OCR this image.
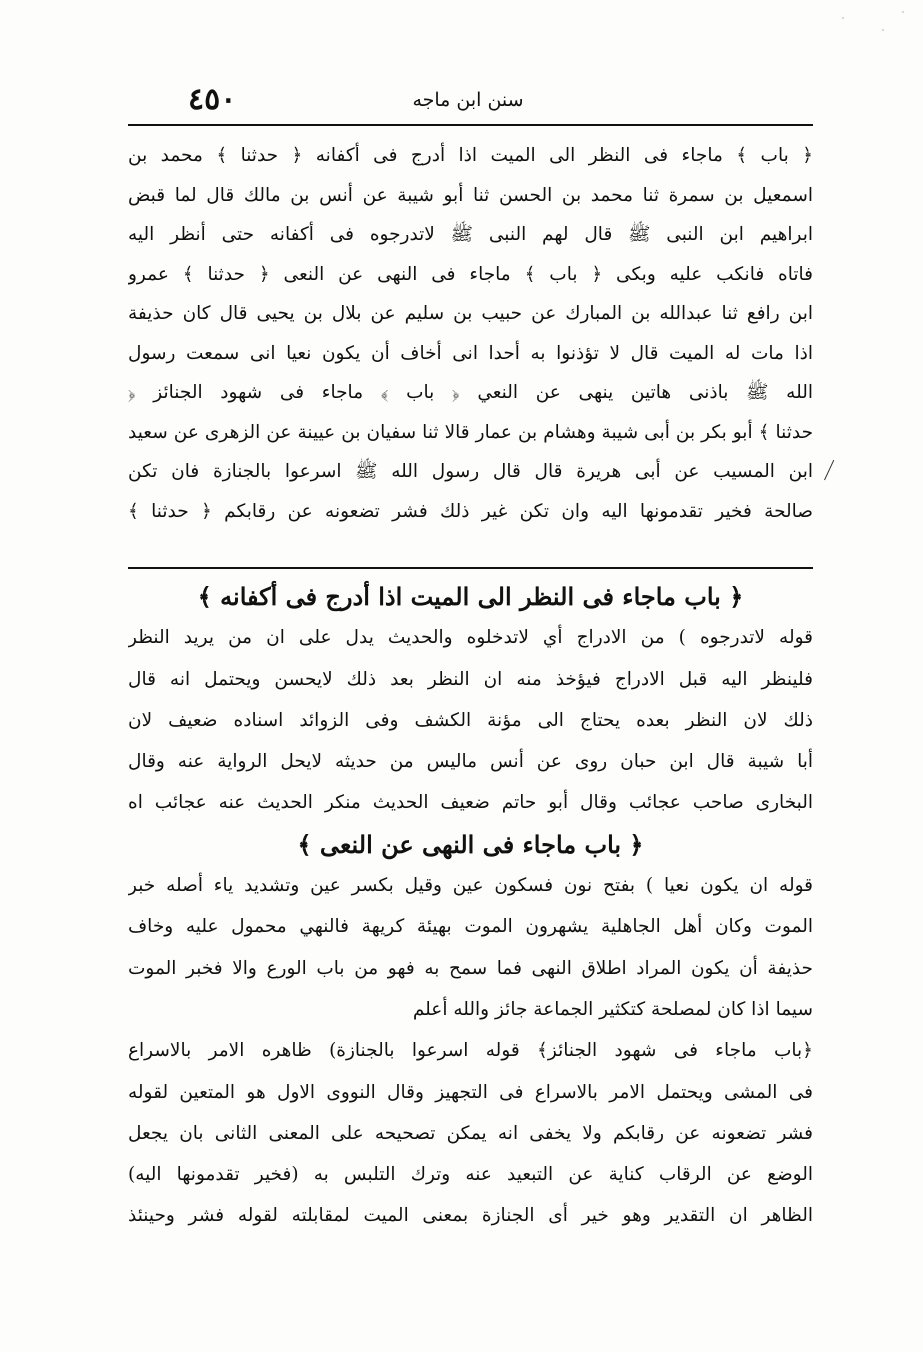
٤٥٠	سنن ابن ماجه
﴿ باب ﴾ ماجاء فى النظر الى الميت اذا أدرج فى أكفانه ﴿ حدثنا ﴾ محمد بن
اسمعيل بن سمرة ثنا محمد بن الحسن ثنا أبو شيبة عن أنس بن مالك قال لما قبض
ابراهيم ابن النبى ﷺ قال لهم النبى ﷺ لاتدرجوه فى أكفانه حتى أنظر اليه
فاتاه فانكب عليه وبكى ﴿ باب ﴾ ماجاء فى النهى عن النعى ﴿ حدثنا ﴾ عمرو
ابن رافع ثنا عبدالله بن المبارك عن حبيب بن سليم عن بلال بن يحيى قال كان حذيفة
اذا مات له الميت قال لا تؤذنوا به أحدا انى أخاف أن يكون نعيا انى سمعت رسول
الله ﷺ باذنى هاتين ينهى عن النعي ﴿ باب ﴾ ماجاء فى شهود الجنائز ﴿
حدثنا ﴾ أبو بكر بن أبى شيبة وهشام بن عمار قالا ثنا سفيان بن عيينة عن الزهرى عن سعيد
ابن المسيب عن أبى هريرة قال قال رسول الله ﷺ اسرعوا بالجنازة فان تكن
صالحة فخير تقدمونها اليه وان تكن غير ذلك فشر تضعونه عن رقابكم ﴿ حدثنا ﴾
﴿ باب ماجاء فى النظر الى الميت اذا أدرج فى أكفانه ﴾
قوله لاتدرجوه ) من الادراج أي لاتدخلوه والحديث يدل على ان من يريد النظر
فلينظر اليه قبل الادراج فيؤخذ منه ان النظر بعد ذلك لايحسن ويحتمل انه قال
ذلك لان النظر بعده يحتاج الى مؤنة الكشف وفى الزوائد اسناده ضعيف لان
أبا شيبة قال ابن حبان روى عن أنس ماليس من حديثه لايحل الرواية عنه وقال
البخارى صاحب عجائب وقال أبو حاتم ضعيف الحديث منكر الحديث عنه عجائب اه
﴿ باب ماجاء فى النهى عن النعى ﴾
قوله ان يكون نعيا ) بفتح نون فسكون عين وقيل بكسر عين وتشديد ياء أصله خبر
الموت وكان أهل الجاهلية يشهرون الموت بهيئة كريهة فالنهي محمول عليه وخاف
حذيفة أن يكون المراد اطلاق النهى فما سمح به فهو من باب الورع والا فخبر الموت
سيما اذا كان لمصلحة كتكثير الجماعة جائز والله أعلم
﴿باب ماجاء فى شهود الجنائز﴾ قوله اسرعوا بالجنازة) ظاهره الامر بالاسراع
فى المشى ويحتمل الامر بالاسراع فى التجهيز وقال النووى الاول هو المتعين لقوله
فشر تضعونه عن رقابكم ولا يخفى انه يمكن تصحيحه على المعنى الثانى بان يجعل
الوضع عن الرقاب كناية عن التبعيد عنه وترك التلبس به (فخير تقدمونها اليه)
الظاهر ان التقدير وهو خير أى الجنازة بمعنى الميت لمقابلته لقوله فشر وحينئذ
